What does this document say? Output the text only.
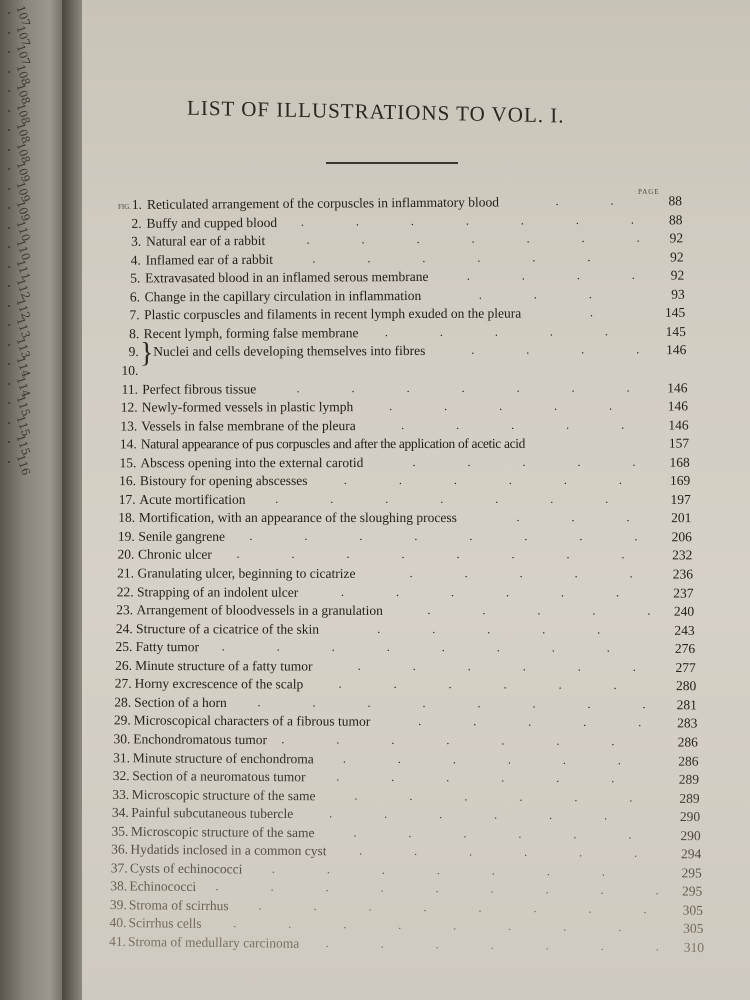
107
107
107
108
108
108
108
108
109
109
109
110
110
111
112
112
113
113
114
114
115
115
115
116
LIST OF ILLUSTRATIONS TO VOL. I.
PAGE
FIG.
}
1. Reticulated arrangement of the corpuscles in inflammatory blood	88
.	.
2. Buffy and cupped blood	88
.	.	.	.	.	.	.
3. Natural ear of a rabbit	92
.	.	.	.	.	.	.
4. Inflamed ear of a rabbit	92
.	.	.	.	.	.
5. Extravasated blood in an inflamed serous membrane	92
.	.	.	.
6. Change in the capillary circulation in inflammation	93
.	.	.
7. Plastic corpuscles and filaments in recent lymph exuded on the pleura	145
.
8. Recent lymph, forming false membrane	145
.	.	.	.	.
9. Nuclei and cells developing themselves into fibres	146
.	.	.	.
10.
11. Perfect fibrous tissue	146
.	.	.	.	.	.	.
12. Newly-formed vessels in plastic lymph	146
.	.	.	.	.
13. Vessels in false membrane of the pleura	146
.	.	.	.	.
14. Natural appearance of pus corpuscles and after the application of acetic acid	157
15. Abscess opening into the external carotid	168
.	.	.	.	.
16. Bistoury for opening abscesses	169
.	.	.	.	.	.
17. Acute mortification	197
.	.	.	.	.	.	.
18. Mortification, with an appearance of the sloughing process	201
.	.	.
19. Senile gangrene	206
.	.	.	.	.	.	.	.
20. Chronic ulcer	232
.	.	.	.	.	.	.	.
21. Granulating ulcer, beginning to cicatrize	236
.	.	.	.	.
22. Strapping of an indolent ulcer	237
.	.	.	.	.	.
23. Arrangement of bloodvessels in a granulation	240
.	.	.	.	.
24. Structure of a cicatrice of the skin	243
.	.	.	.	.
25. Fatty tumor	276
.	.	.	.	.	.	.	.
26. Minute structure of a fatty tumor	277
.	.	.	.	.	.
27. Horny excrescence of the scalp	280
.	.	.	.	.	.
28. Section of a horn	281
.	.	.	.	.	.	.	.
29. Microscopical characters of a fibrous tumor	283
.	.	.	.	.
30. Enchondromatous tumor	286
.	.	.	.	.	.	.
31. Minute structure of enchondroma	286
.	.	.	.	.	.
32. Section of a neuromatous tumor	289
.	.	.	.	.	.
33. Microscopic structure of the same	289
.	.	.	.	.	.
34. Painful subcutaneous tubercle	290
.	.	.	.	.	.
35. Microscopic structure of the same	290
.	.	.	.	.	.
36. Hydatids inclosed in a common cyst	294
.	.	.	.	.	.
37. Cysts of echinococci	295
.	.	.	.	.	.	.
38. Echinococci	295
.	.	.	.	.	.	.	.	.
39. Stroma of scirrhus	305
.	.	.	.	.	.	.	.
40. Scirrhus cells	305
.	.	.	.	.	.	.	.
41. Stroma of medullary carcinoma	310
.	.	.	.	.	.	.
